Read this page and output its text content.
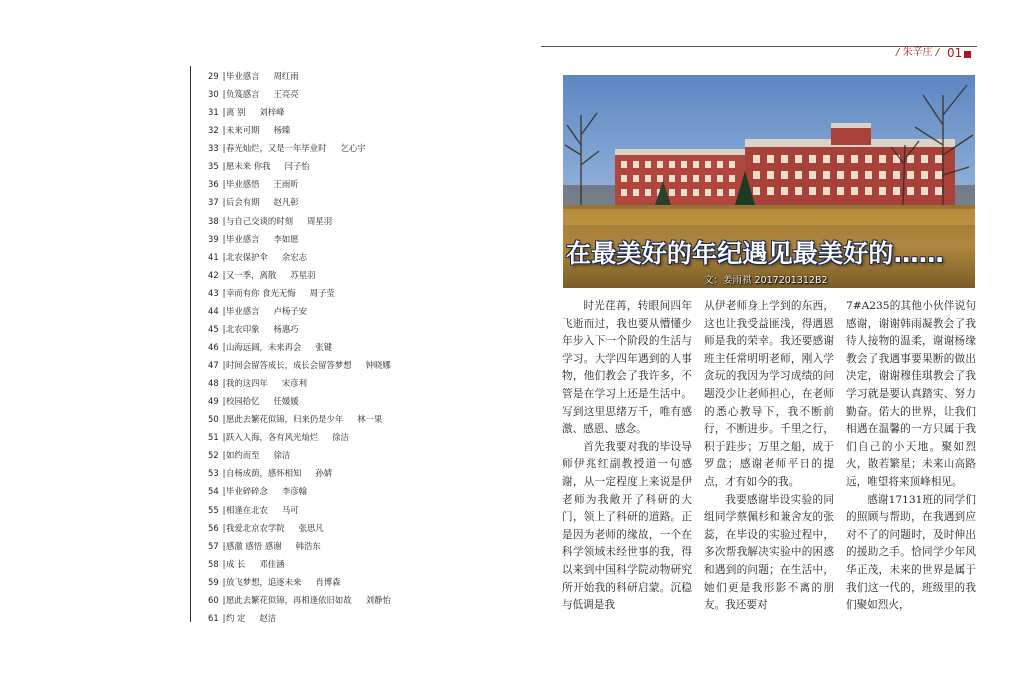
29 |毕业感言 周红雨
30 |负笈感言 王亮亮
31 |离 别 刘梓峰
32 |未来可期 杨臻
33 |春光灿烂，又是一年毕业时 乞心宇
35 |愿未来 你我 闫子怡
36 |毕业感悟 王雨昕
37 |后会有期 赵凡彰
38 |与自己交谈的时刻 周星羽
39 |毕业感言 李如愿
41 |北农保护伞 余宏志
42 |又一季，离散 苏星羽
43 |幸而有你 食光无悔 周子莹
44 |毕业感言 卢杨子安
45 |北农印象 杨惠巧
46 |山海远阔，未来再会 张键
47 |时间会留答成长，成长会留答梦想 钟晓娜
48 |我的这四年 宋彦利
49 |校园拾忆 任媛媛
50 |愿此去繁花似锦，归来仍是少年 林一果
51 |跃入人海，各有风光灿烂 徐洁
52 |如约而至 徐洁
53 |自杨成荫，感怀相知 孙婧
54 |毕业碎碎念 李彦翰
55 |相逢在北农 马可
56 |我爱北京农学院 张思凡
57 |感激 感悟 感谢 韩浩东
58 |成 长 邓佳涵
59 |放飞梦想，追逐未来 肖博森
60 |愿此去繁花似锦，再相逢依旧如故 刘静怡
61 |约 定 赵洁
/ 朱辛庄 / 01
在最美好的年纪遇见最美好的……
文：姜雨祺 2017201312B2

时光荏苒，转眼间四年飞逝而过，我也要从懵懂少年步入下一个阶段的生活与学习。大学四年遇到的人事物，他们教会了我许多，不管是在学习上还是生活中。写到这里思绪万千，唯有感激、感恩、感念。

首先我要对我的毕设导师伊兆红副教授道一句感谢，从一定程度上来说是伊老师为我敞开了科研的大门，领上了科研的道路。正是因为老师的缘故，一个在科学领域未经世事的我，得以来到中国科学院动物研究所开始我的科研启蒙。沉稳与低调是我

从伊老师身上学到的东西，这也让我受益匪浅，得遇恩师是我的荣幸。我还要感谢班主任常明明老师，刚入学贪玩的我因为学习成绩的问题没少让老师担心，在老师的悉心教导下，我不断前行，不断进步。千里之行，积于跬步；万里之船，成于罗盘；感谢老师平日的提点，才有如今的我。

我要感谢毕设实验的同组同学蔡佩杉和兼舍友的张蕊，在毕设的实验过程中，多次帮我解决实验中的困惑和遇到的问题；在生活中，她们更是我形影不离的朋友。我还要对

7#A235的其他小伙伴说句感谢，谢谢韩雨凝教会了我待人接物的温柔，谢谢杨缘教会了我遇事要果断的做出决定，谢谢穆佳琪教会了我学习就是要认真踏实、努力勤奋。偌大的世界，让我们相遇在温馨的一方只属于我们自己的小天地。聚如烈火，散若繁星；未来山高路远，唯望将来顶峰相见。

感谢17131班的同学们的照顾与帮助，在我遇到应对不了的问题时，及时伸出的援助之手。恰同学少年风华正茂，未来的世界是属于我们这一代的，班级里的我们聚如烈火，
